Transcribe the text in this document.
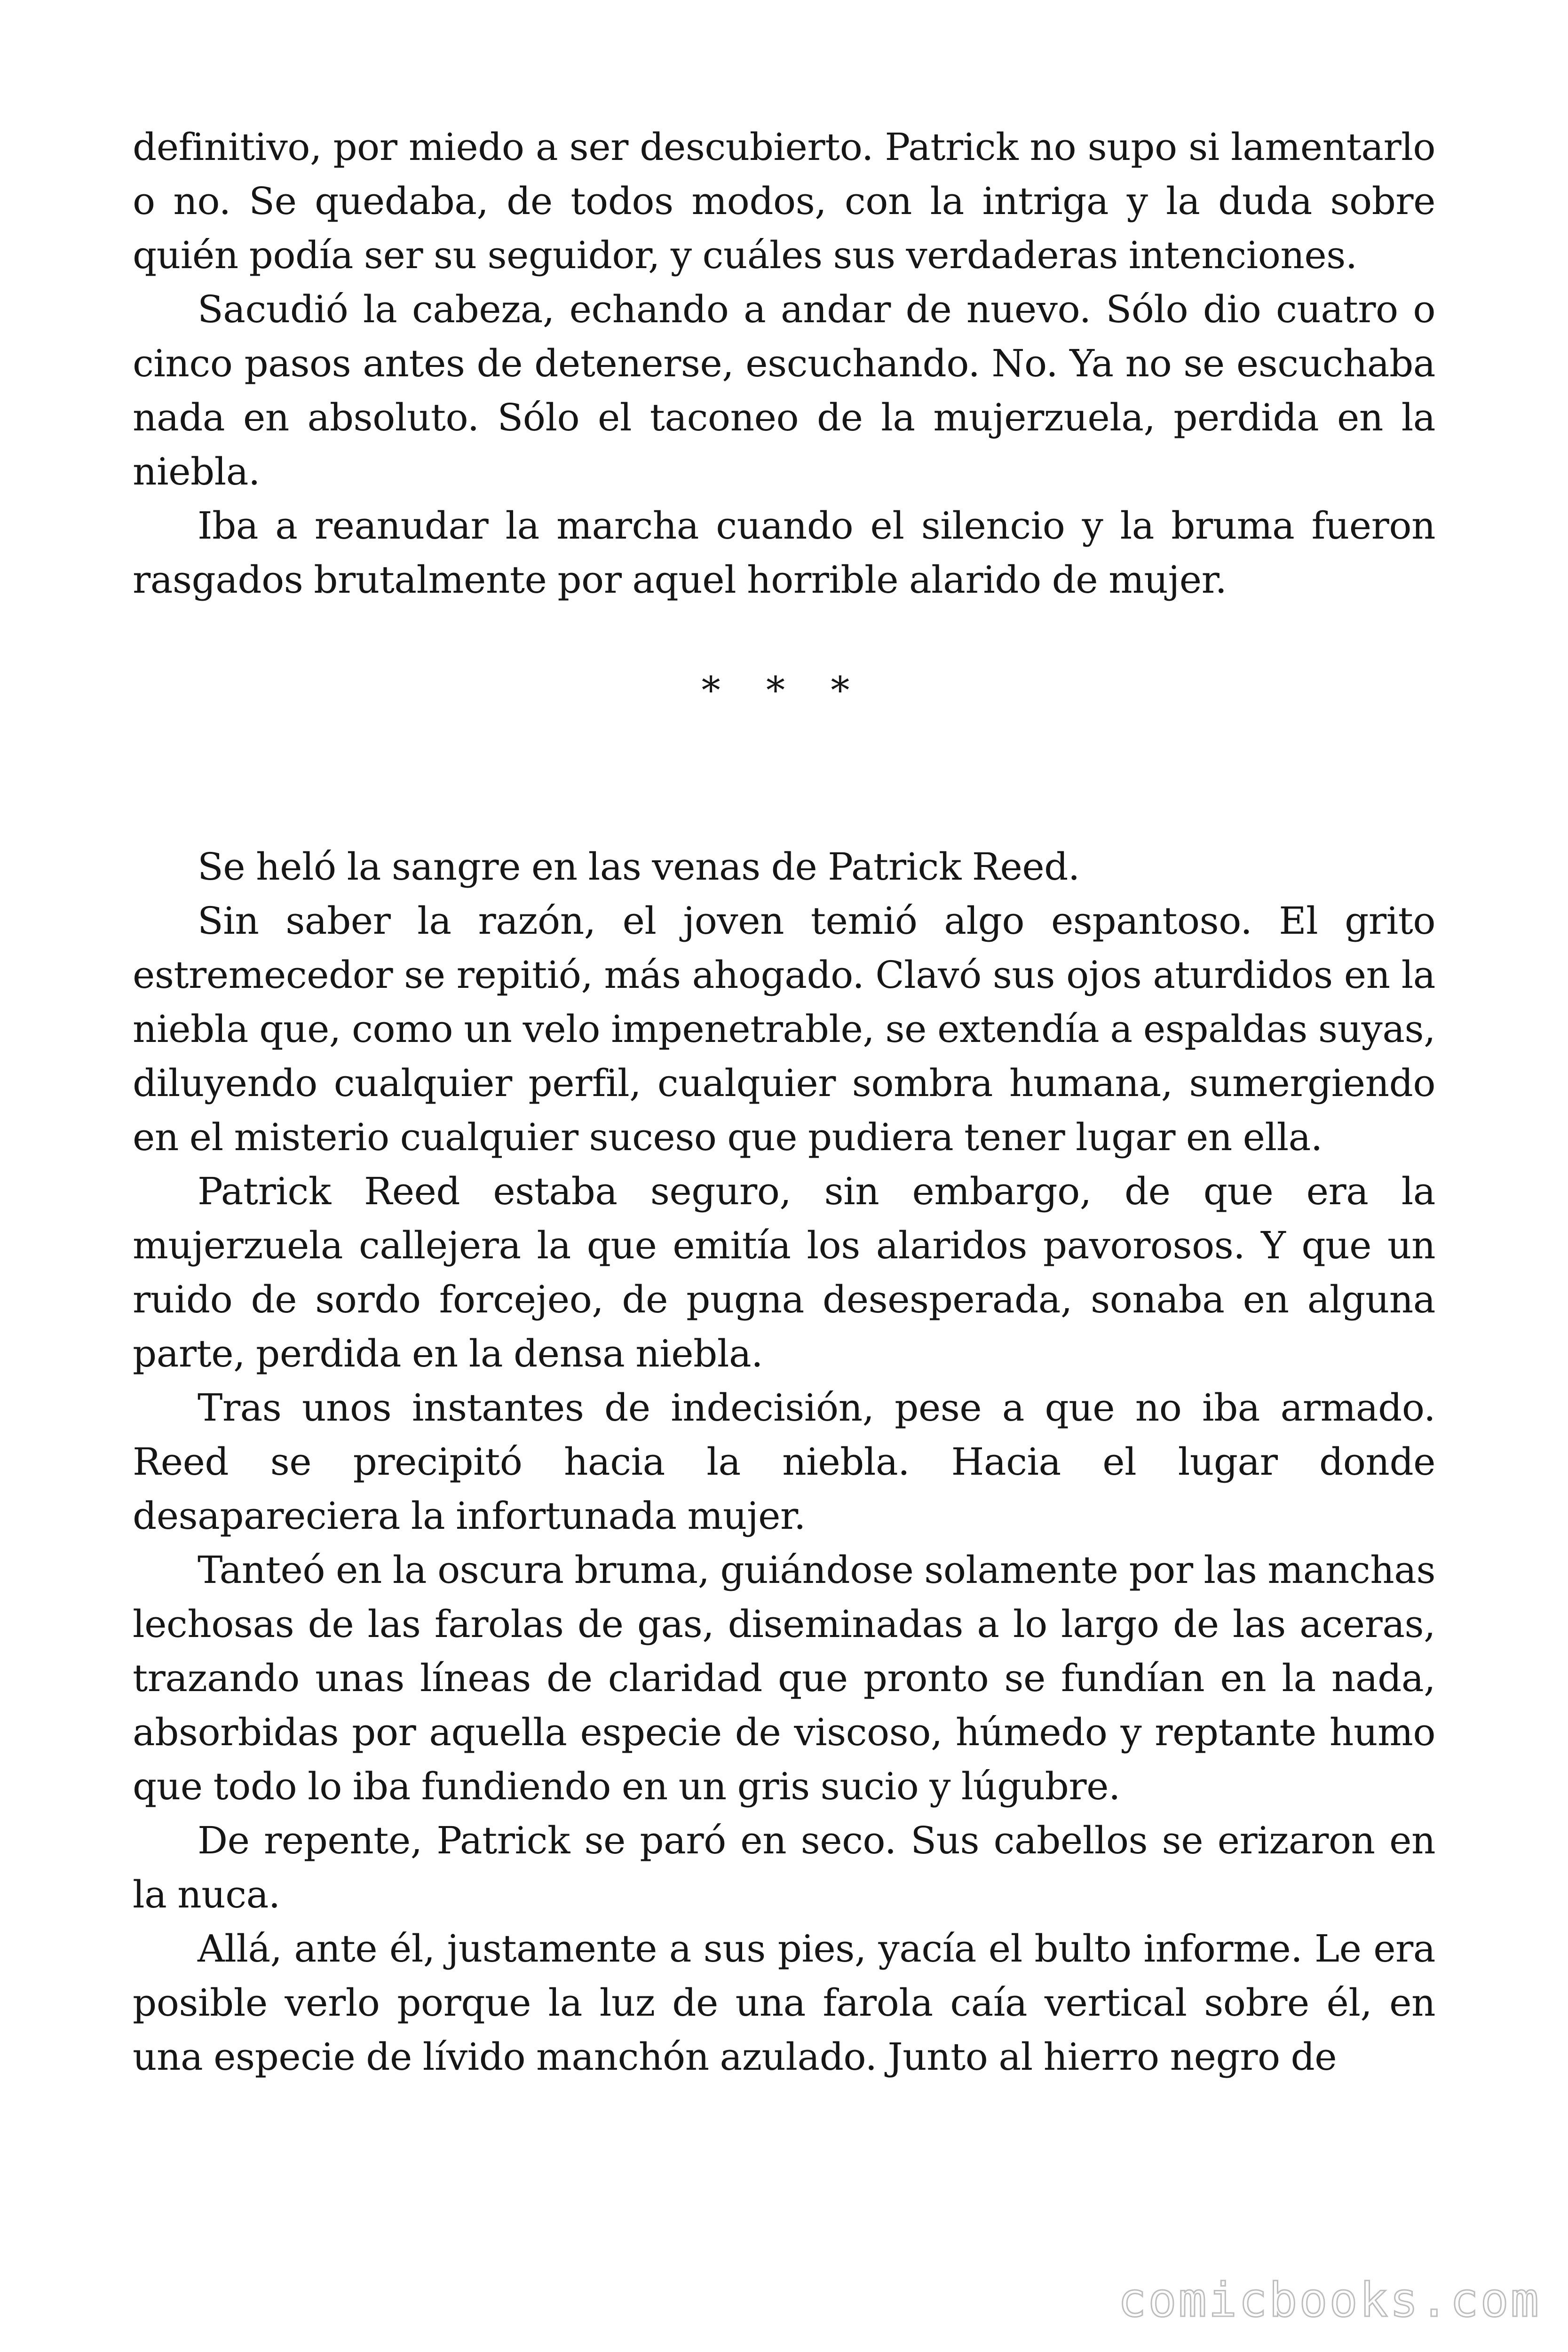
definitivo, por miedo a ser descubierto. Patrick no supo si lamentarlo o no. Se quedaba, de todos modos, con la intriga y la duda sobre quién podía ser su seguidor, y cuáles sus verdaderas intenciones.

Sacudió la cabeza, echando a andar de nuevo. Sólo dio cuatro o cinco pasos antes de detenerse, escuchando. No. Ya no se escuchaba nada en absoluto. Sólo el taconeo de la mujerzuela, perdida en la niebla.

Iba a reanudar la marcha cuando el silencio y la bruma fueron rasgados brutalmente por aquel horrible alarido de mujer.

* * *

Se heló la sangre en las venas de Patrick Reed.

Sin saber la razón, el joven temió algo espantoso. El grito estremecedor se repitió, más ahogado. Clavó sus ojos aturdidos en la niebla que, como un velo impenetrable, se extendía a espaldas suyas, diluyendo cualquier perfil, cualquier sombra humana, sumergiendo en el misterio cualquier suceso que pudiera tener lugar en ella.

Patrick Reed estaba seguro, sin embargo, de que era la mujerzuela callejera la que emitía los alaridos pavorosos. Y que un ruido de sordo forcejeo, de pugna desesperada, sonaba en alguna parte, perdida en la densa niebla.

Tras unos instantes de indecisión, pese a que no iba armado. Reed se precipitó hacia la niebla. Hacia el lugar donde desapareciera la infortunada mujer.

Tanteó en la oscura bruma, guiándose solamente por las manchas lechosas de las farolas de gas, diseminadas a lo largo de las aceras, trazando unas líneas de claridad que pronto se fundían en la nada, absorbidas por aquella especie de viscoso, húmedo y reptante humo que todo lo iba fundiendo en un gris sucio y lúgubre.

De repente, Patrick se paró en seco. Sus cabellos se erizaron en la nuca.

Allá, ante él, justamente a sus pies, yacía el bulto informe. Le era posible verlo porque la luz de una farola caía vertical sobre él, en una especie de lívido manchón azulado. Junto al hierro negro de

comicbooks.com
